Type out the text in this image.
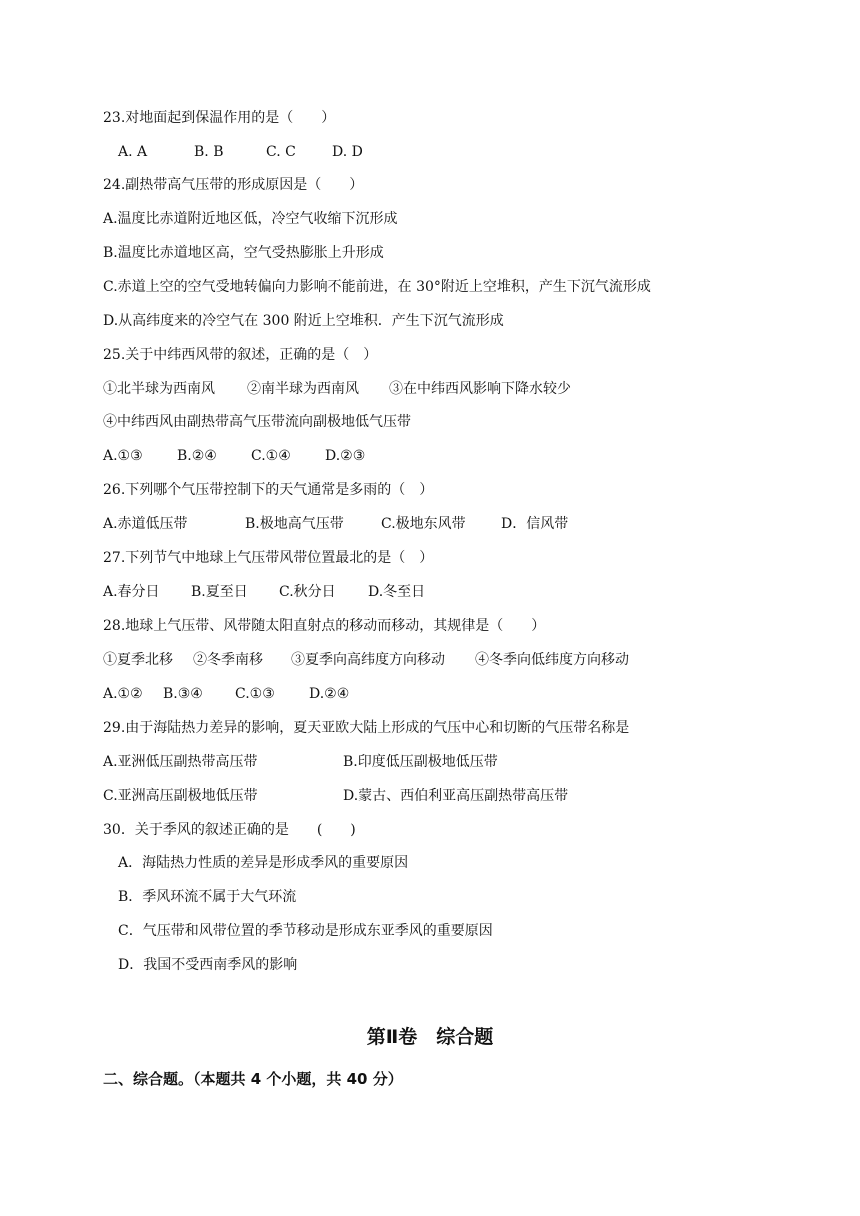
23.对地面起到保温作用的是（　　）
A. A	B. B	C. C	D. D
24.副热带高气压带的形成原因是（　　）
A.温度比赤道附近地区低，冷空气收缩下沉形成
B.温度比赤道地区高，空气受热膨胀上升形成
C.赤道上空的空气受地转偏向力影响不能前进，在 30°附近上空堆积，产生下沉气流形成
D.从高纬度来的冷空气在 300 附近上空堆积．产生下沉气流形成
25.关于中纬西风带的叙述，正确的是（　）
①北半球为西南风	②南半球为西南风	③在中纬西风影响下降水较少
④中纬西风由副热带高气压带流向副极地低气压带
A.①③	B.②④	C.①④	D.②③
26.下列哪个气压带控制下的天气通常是多雨的（　）
A.赤道低压带	B.极地高气压带	C.极地东风带	D．信风带
27.下列节气中地球上气压带风带位置最北的是（　）
A.春分日	B.夏至日	C.秋分日	D.冬至日
28.地球上气压带、风带随太阳直射点的移动而移动，其规律是（　　）
①夏季北移	②冬季南移	③夏季向高纬度方向移动	④冬季向低纬度方向移动
A.①②	B.③④	C.①③	D.②④
29.由于海陆热力差异的影响，夏天亚欧大陆上形成的气压中心和切断的气压带名称是
A.亚洲低压副热带高压带	B.印度低压副极地低压带
C.亚洲高压副极地低压带	D.蒙古、西伯利亚高压副热带高压带
30．关于季风的叙述正确的是　　(　　)
A．海陆热力性质的差异是形成季风的重要原因
B．季风环流不属于大气环流
C．气压带和风带位置的季节移动是形成东亚季风的重要原因
D．我国不受西南季风的影响
第Ⅱ卷　综合题
二、综合题。（本题共 4 个小题，共 40 分）
